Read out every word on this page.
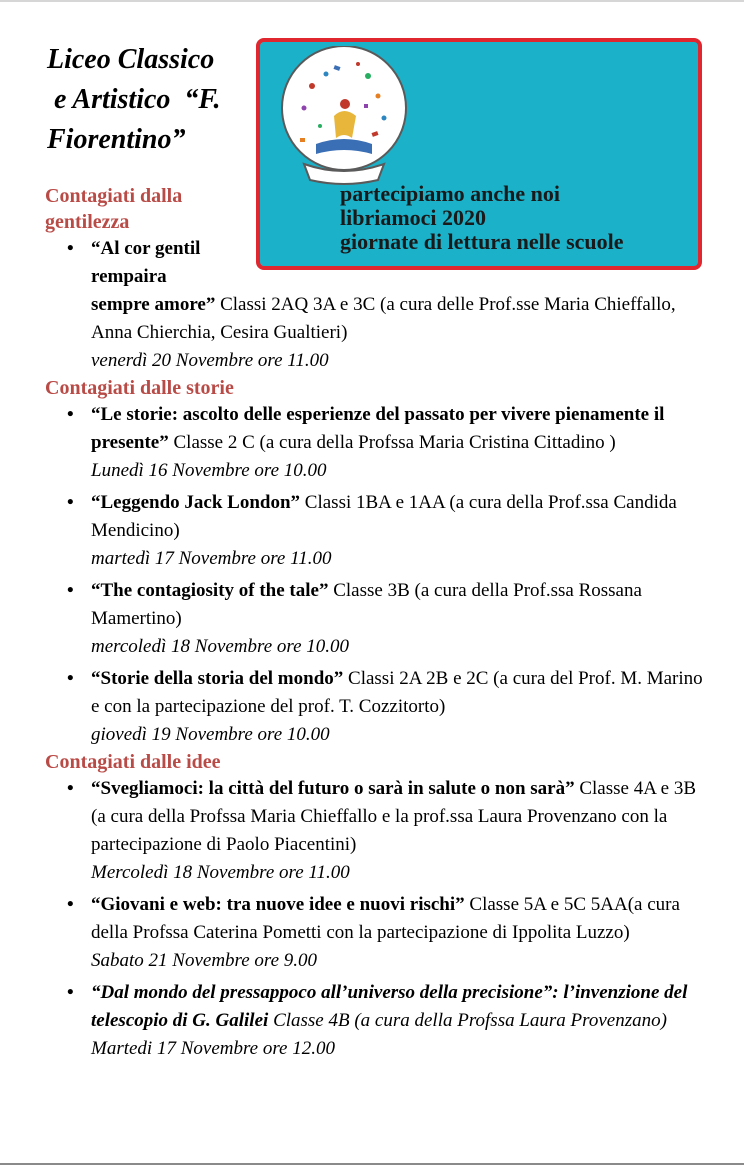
Liceo Classico
e Artistico  “F.
Fiorentino”
partecipiamo anche noi
libriamoci 2020
giornate di lettura nelle scuole
Contagiati dalla
gentilezza
• “Al cor gentil
rempaira
sempre amore” Classi 2AQ 3A e 3C (a cura delle Prof.sse Maria Chieffallo, Anna Chierchia, Cesira Gualtieri)
venerdì 20 Novembre ore 11.00
Contagiati dalle storie
• “Le storie: ascolto delle esperienze del passato per vivere pienamente il presente” Classe 2 C (a cura della Profssa Maria Cristina Cittadino )
Lunedì 16 Novembre ore 10.00
• “Leggendo Jack London” Classi 1BA e 1AA (a cura della Prof.ssa Candida Mendicino)
martedì 17 Novembre ore 11.00
• “The contagiosity of the tale” Classe 3B (a cura della Prof.ssa Rossana Mamertino)
mercoledì 18 Novembre ore 10.00
• “Storie della storia del mondo” Classi 2A 2B e 2C (a cura del Prof. M. Marino e con la partecipazione del prof. T. Cozzitorto)
giovedì 19 Novembre ore 10.00
Contagiati dalle idee
• “Svegliamoci: la città del futuro o sarà in salute o non sarà” Classe 4A e 3B (a cura della Profssa Maria Chieffallo e la prof.ssa Laura Provenzano con la partecipazione di Paolo Piacentini)
Mercoledì 18 Novembre ore 11.00
• “Giovani e web: tra nuove idee e nuovi rischi” Classe 5A e 5C 5AA(a cura della Profssa Caterina Pometti con la partecipazione di Ippolita Luzzo)
Sabato 21 Novembre ore 9.00
• “Dal mondo del pressappoco all’universo della precisione”: l’invenzione del telescopio di G. Galilei Classe 4B (a cura della Profssa Laura Provenzano)
Martedi 17 Novembre ore 12.00
